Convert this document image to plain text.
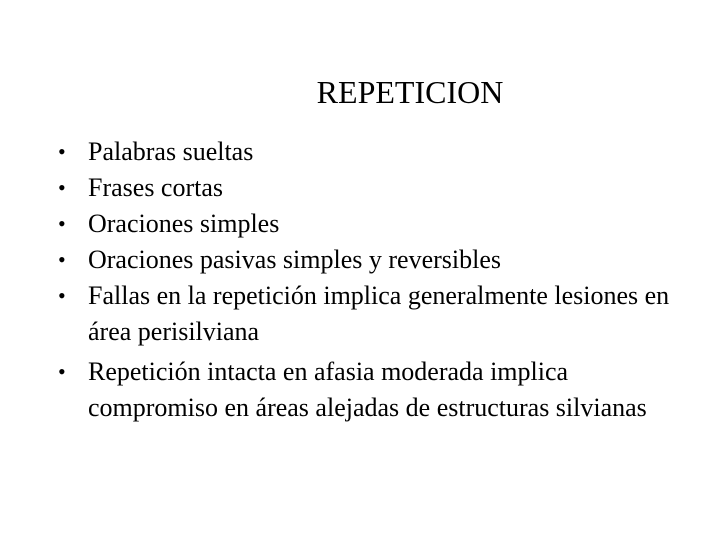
REPETICION
• Palabras sueltas
• Frases cortas
• Oraciones simples
• Oraciones pasivas simples y reversibles
• Fallas en la repetición implica generalmente lesiones en área perisilviana
• Repetición intacta en afasia moderada implica compromiso en áreas alejadas de estructuras silvianas
